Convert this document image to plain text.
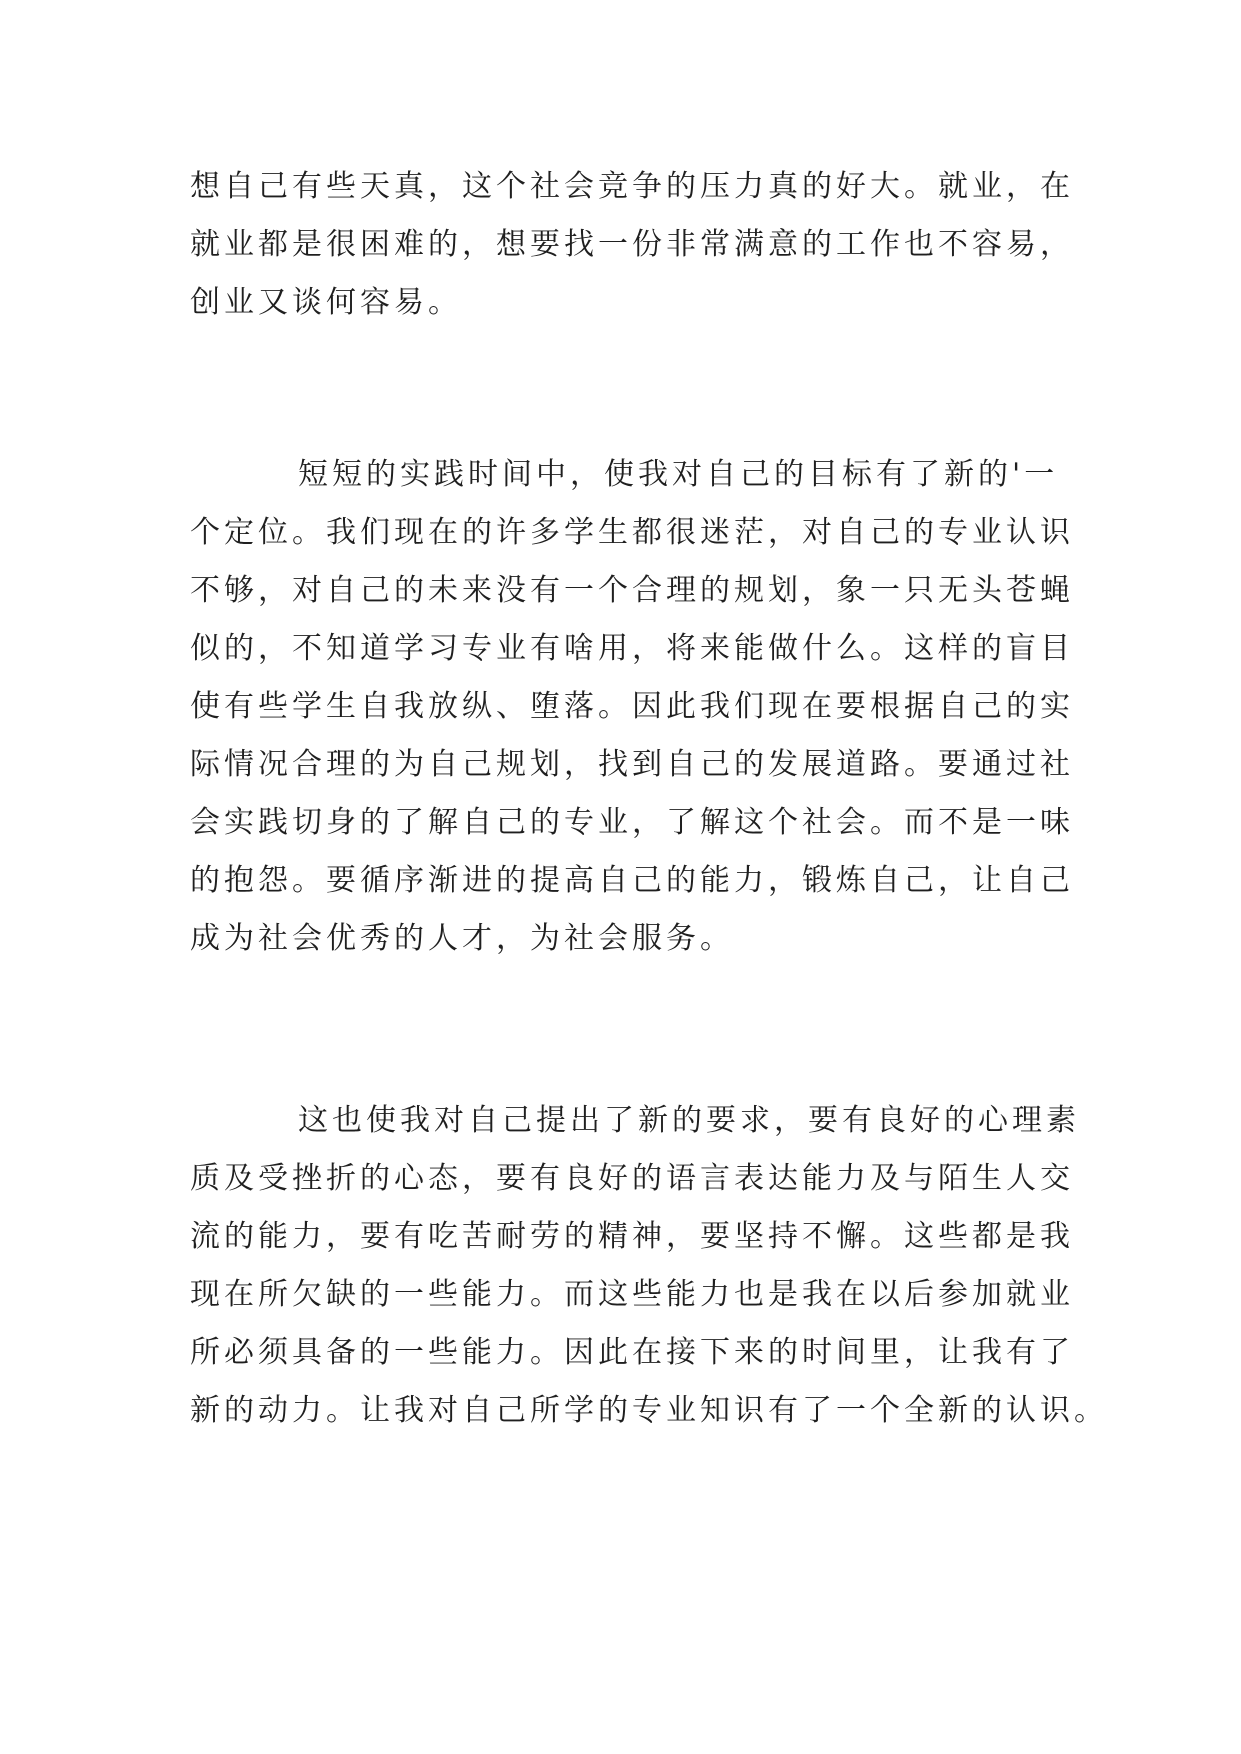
想自己有些天真，这个社会竞争的压力真的好大。就业，在
就业都是很困难的，想要找一份非常满意的工作也不容易，
创业又谈何容易。
短短的实践时间中，使我对自己的目标有了新的'一
个定位。我们现在的许多学生都很迷茫，对自己的专业认识
不够，对自己的未来没有一个合理的规划，象一只无头苍蝇
似的，不知道学习专业有啥用，将来能做什么。这样的盲目
使有些学生自我放纵、堕落。因此我们现在要根据自己的实
际情况合理的为自己规划，找到自己的发展道路。要通过社
会实践切身的了解自己的专业，了解这个社会。而不是一味
的抱怨。要循序渐进的提高自己的能力，锻炼自己，让自己
成为社会优秀的人才，为社会服务。
这也使我对自己提出了新的要求，要有良好的心理素
质及受挫折的心态，要有良好的语言表达能力及与陌生人交
流的能力，要有吃苦耐劳的精神，要坚持不懈。这些都是我
现在所欠缺的一些能力。而这些能力也是我在以后参加就业
所必须具备的一些能力。因此在接下来的时间里，让我有了
新的动力。让我对自己所学的专业知识有了一个全新的认识。
